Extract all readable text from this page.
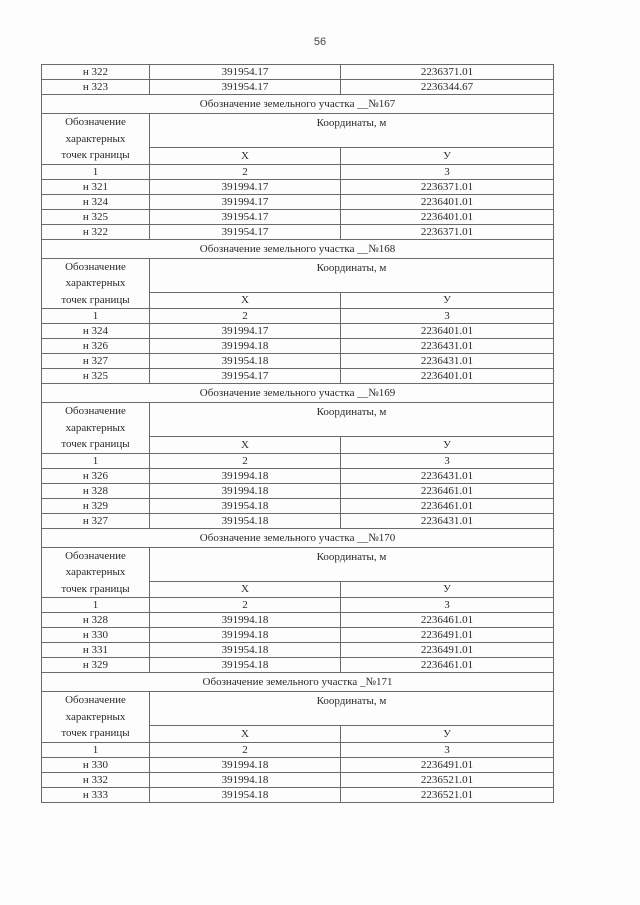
56
н 322	391954.17	2236371.01
н 323	391954.17	2236344.67
Обозначение земельного участка __№167		
Обозначение
характерных
точек границы	Координаты, м	
	X	У
1	2	3
н 321	391994.17	2236371.01
н 324	391994.17	2236401.01
н 325	391954.17	2236401.01
н 322	391954.17	2236371.01
Обозначение земельного участка __№168		
Обозначение
характерных
точек границы	Координаты, м	
	X	У
1	2	3
н 324	391994.17	2236401.01
н 326	391994.18	2236431.01
н 327	391954.18	2236431.01
н 325	391954.17	2236401.01
Обозначение земельного участка __№169		
Обозначение
характерных
точек границы	Координаты, м	
	X	У
1	2	3
н 326	391994.18	2236431.01
н 328	391994.18	2236461.01
н 329	391954.18	2236461.01
н 327	391954.18	2236431.01
Обозначение земельного участка __№170		
Обозначение
характерных
точек границы	Координаты, м	
	X	У
1	2	3
н 328	391994.18	2236461.01
н 330	391994.18	2236491.01
н 331	391954.18	2236491.01
н 329	391954.18	2236461.01
Обозначение земельного участка _№171		
Обозначение
характерных
точек границы	Координаты, м	
	X	У
1	2	3
н 330	391994.18	2236491.01
н 332	391994.18	2236521.01
н 333	391954.18	2236521.01
